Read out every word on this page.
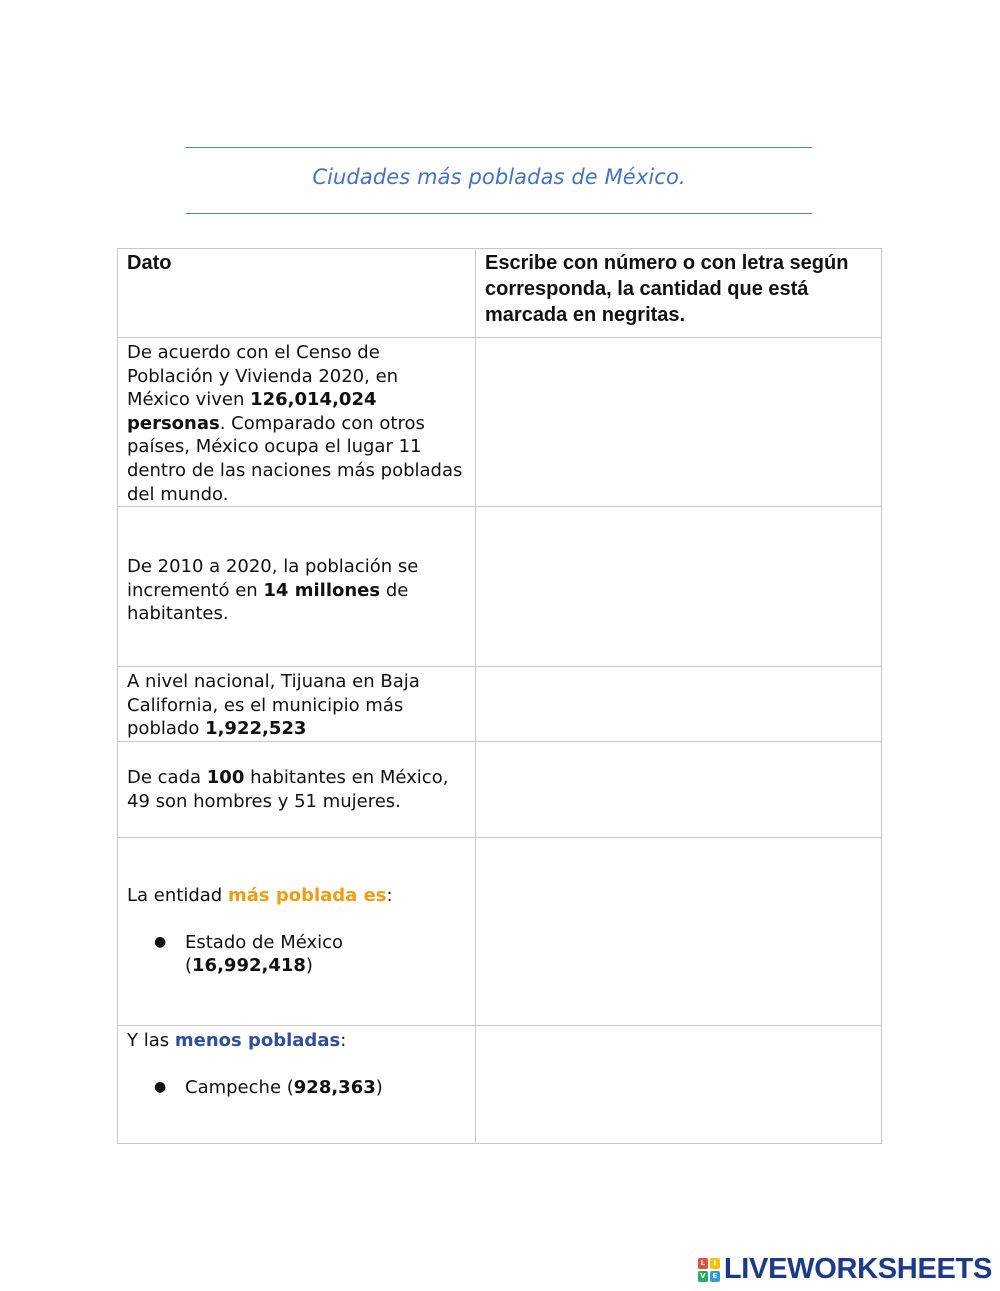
Ciudades más pobladas de México.
Dato	Escribe con número o con letra según corresponda, la cantidad que está marcada en negritas.

De acuerdo con el Censo de Población y Vivienda 2020, en México viven 126,014,024 personas. Comparado con otros países, México ocupa el lugar 11 dentro de las naciones más pobladas del mundo.	

De 2010 a 2020, la población se incrementó en 14 millones de habitantes.	

A nivel nacional, Tijuana en Baja California, es el municipio más poblado 1,922,523	

De cada 100 habitantes en México, 49 son hombres y 51 mujeres.	

La entidad más poblada es:
● Estado de México (16,992,418)	

Y las menos pobladas:
● Campeche (928,363)	

L	I
V E LIVEWORKSHEETS
